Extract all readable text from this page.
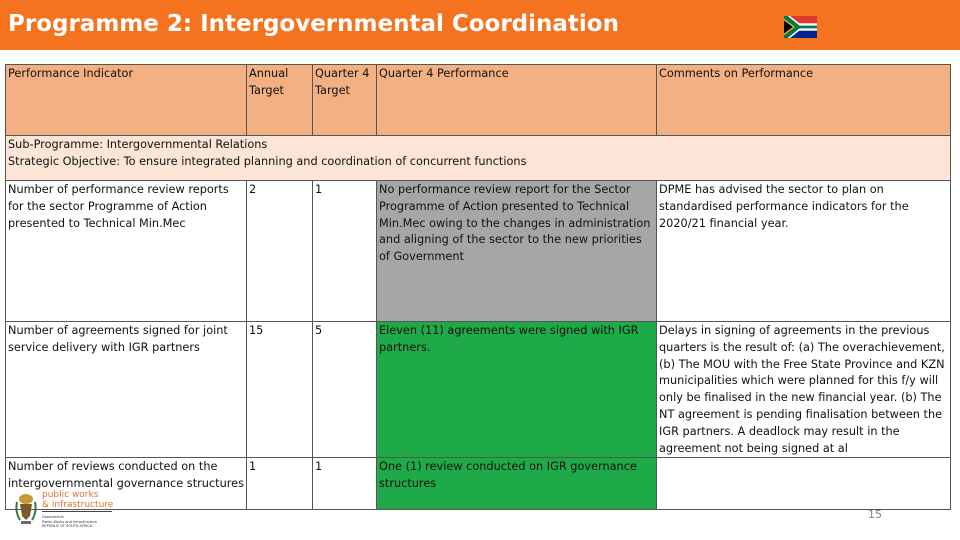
Programme 2: Intergovernmental Coordination
Performance Indicator	Annual Target	Quarter 4 Target	Quarter 4 Performance	Comments on Performance

Sub-Programme: Intergovernmental Relations
Strategic Objective: To ensure integrated planning and coordination of concurrent functions				

Number of performance review reports for the sector Programme of Action presented to Technical Min.Mec	2	1	No performance review report for the Sector Programme of Action presented to Technical Min.Mec owing to the changes in administration and aligning of the sector to the new priorities of Government	DPME has advised the sector to plan on standardised performance indicators for the 2020/21 financial year.
Number of agreements signed for joint service delivery with IGR partners	15	5	Eleven (11) agreements were signed with IGR partners.	Delays in signing of agreements in the previous quarters is the result of: (a) The overachievement, (b) The MOU with the Free State Province and KZN municipalities which were planned for this f/y will only be finalised in the new financial year. (b) The NT agreement is pending finalisation between the IGR partners. A deadlock may result in the agreement not being signed at al
Number of reviews conducted on the intergovernmental governance structures	1	1	One (1) review conducted on IGR governance structures	
public works
& infrastructure
Department:
Public Works and Infrastructure
REPUBLIC OF SOUTH AFRICA
15
